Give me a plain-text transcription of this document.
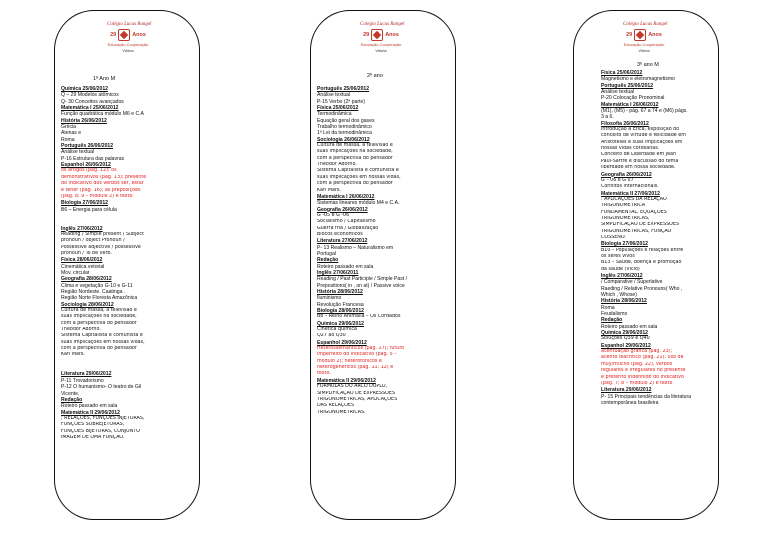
Colégio Lucas Rangel
29	Anos
Educação Cooperação
Vitória
Colégio Lucas Rangel
29	Anos
Educação Cooperação
Vitória
Colégio Lucas Rangel
29	Anos
Educação Cooperação
Vitória
1º Ano M	2º ano
3º ano M
Química 25/06/2012
Q – 29 Modelos atômicos
Q- 30 Conceitos avançados
Matemática I 25/06/2012
Função quadrática módulo M6 e C.A
História 26/06/2012
Grécia
Atenas e
Roma
Português 26/06/2012
Análise textual
P-16 Estrutura das palavras
Espanhol 26/06/2012
os artigos (pág. 12); os
demonstrativos (pág. 13); presente
do indicativo dos verbos ser, estar
e tener (pág. 16); as preposições
(pág. 8; 9 – módulo 2) e texto.
Biologia 27/06/2012
B6 – Energia para célula
Inglês 27/06/2012
Reading / Simple present / Subject
pronoun / object Pronoun /
Possessive adjective / possessive
pronoun / To be verb.
Física 28/06/2012
Cinemática vetorial
Mov. circular
Geografia 28/06/2012
Clima e vegetação G-10 e G-11
Região Nordeste. Caatinga .
Região Norte Floresta Amazônica
Sociologia 28/06/2012
Cultura de massa, a televisão e
suas implicações na sociedade,
com a perspectiva do pensador
Theodor Adorno.
Sistema Capitalista e comunista e
suas implicações em nossas vidas,
com a perspectiva do pensador
Karl Marx.
Literatura 29/06/2012
P-11 Trovadorismo
P-12 O humanismo- O teatro de Gil
Vicente.
Redação
Roteiro passado em sala
Matemática II 29/06/2012
; RELAÇÕES, FUNÇÕES INJETORAS,
FUNÇÕES SOBREJETORAS,
FUNÇÕES BIJETORAS, CONJUNTO
IMAGEM DE UMA FUNÇÃO.
Português 25/06/2012
Análise textual
P-15 Verbo (2ª parte)
Física 25/06/2012
Termodinâmica
Equação geral dos gases
Trabalho termodinâmico
1ª Lei da termodinâmica
Sociologia 26/06/2012
Cultura de massa, a televisão e
suas implicações na sociedade,
com a perspectiva do pensador
Theodor Adorno.
Sistema Capitalista e comunista e
suas implicações em nossas vidas,
com a perspectiva do pensador
Karl Marx.
Matemática I 26/06/2012
Sistemas lineares módulo M4 e C.A.
Geografia 26/06/2012
G -05 e G -06
Socialismo / Capitalismo
Guerra fria / Globalização
Blocos econômicos
Literatura 27/06/2012
P- 13 Realismo – Naturalismo em
Portugal
Redação
Roteiro passado em sala
Inglês 27/06/2011
Reading / Past Participle / Simple Past /
Prepositions( in , on at) / Passive voice
História 28/06/2012
Iluminismo
Revolução Francesa
Biologia 28/06/2012
B8 – Reino Animalia – Os Cordados
Química 29/06/2012
Cinética química
Q27 ao Q30
Espanhol 29/06/2012
Heterossemánticos (pág. 17); futuro
imperfeito do indicativo (pág. 5 –
módulo 2); heterotônicos e
heterogenéricos (pág. 11; 12) e
texto.
Matemática II 29/06/2012
FÓRMULAS DO ARCO DUPLO,
SIMPLIFICAÇÃO DE EXPRESSÕES
TRIGONOMÉTRICAS, APLICAÇÕES
DAS RELAÇÕES
TRIGONOMÉTRICAS.
Física 25/06/2012
Magnetismo e eletromagnetismo
Português 25/06/2012
Análise textual
P-20 Colocação Pronominal
Matemática I 26/06/2012
(M1), (M5) - pág. 67 a 74 e (M6) págs.
3 a 6.
Filosofia 26/06/2012
Introdução à Ética, exposição do
conceito de virtude e felicidade em
Aristóteles e suas implicações em
nossas vidas cotidianas.
Conceito de Liberdade em Jean
Paul-Sartre e discussão do tema
liberdade em nossa sociedade.
Geografia 26/06/2012
G – 06 e G 07
Conflitos internacionais.
Matemática II 27/06/2012
: APLICAÇÕES DA RELAÇÃO
TRIGONOMÉTRICA
FUNDAMENTAL, EQUAÇÕES
TRIGONOMÉTRICAS,
SIMPLIFICAÇÃO DE EXPRESSÕES
TRIGONOMÉTRICAS, FUNÇÃO
COSSENO.
Biologia 27/06/2012
B10 – Populações e relações entre
os seres vivos
B13 – Saúde, doença e promoção
da saúde (Vício)
Inglês 27/06/2012
/ Comparative / Superlative
Raeding / Relative Pronouns( Who ,
Which , Whose)
História 28/06/2012
Roma
Feudalismo
Redação
Roteiro passado em sala
Química 29/06/2012
Soluções Q39 e Q40
Espanhol 29/06/2012
acentuação gráfica (pág. 23);
acento diacrítico (pág. 21); uso de
muy/mucho (pág. 22), verbos
regulares e irregulares no presente
e pretérito indefinido do indicativo
(pág. 7; 8 – módulo 2) e texto
Literatura 29/06/2012
P- 15 Principais tendências da literatura
contemporânea brasileira
